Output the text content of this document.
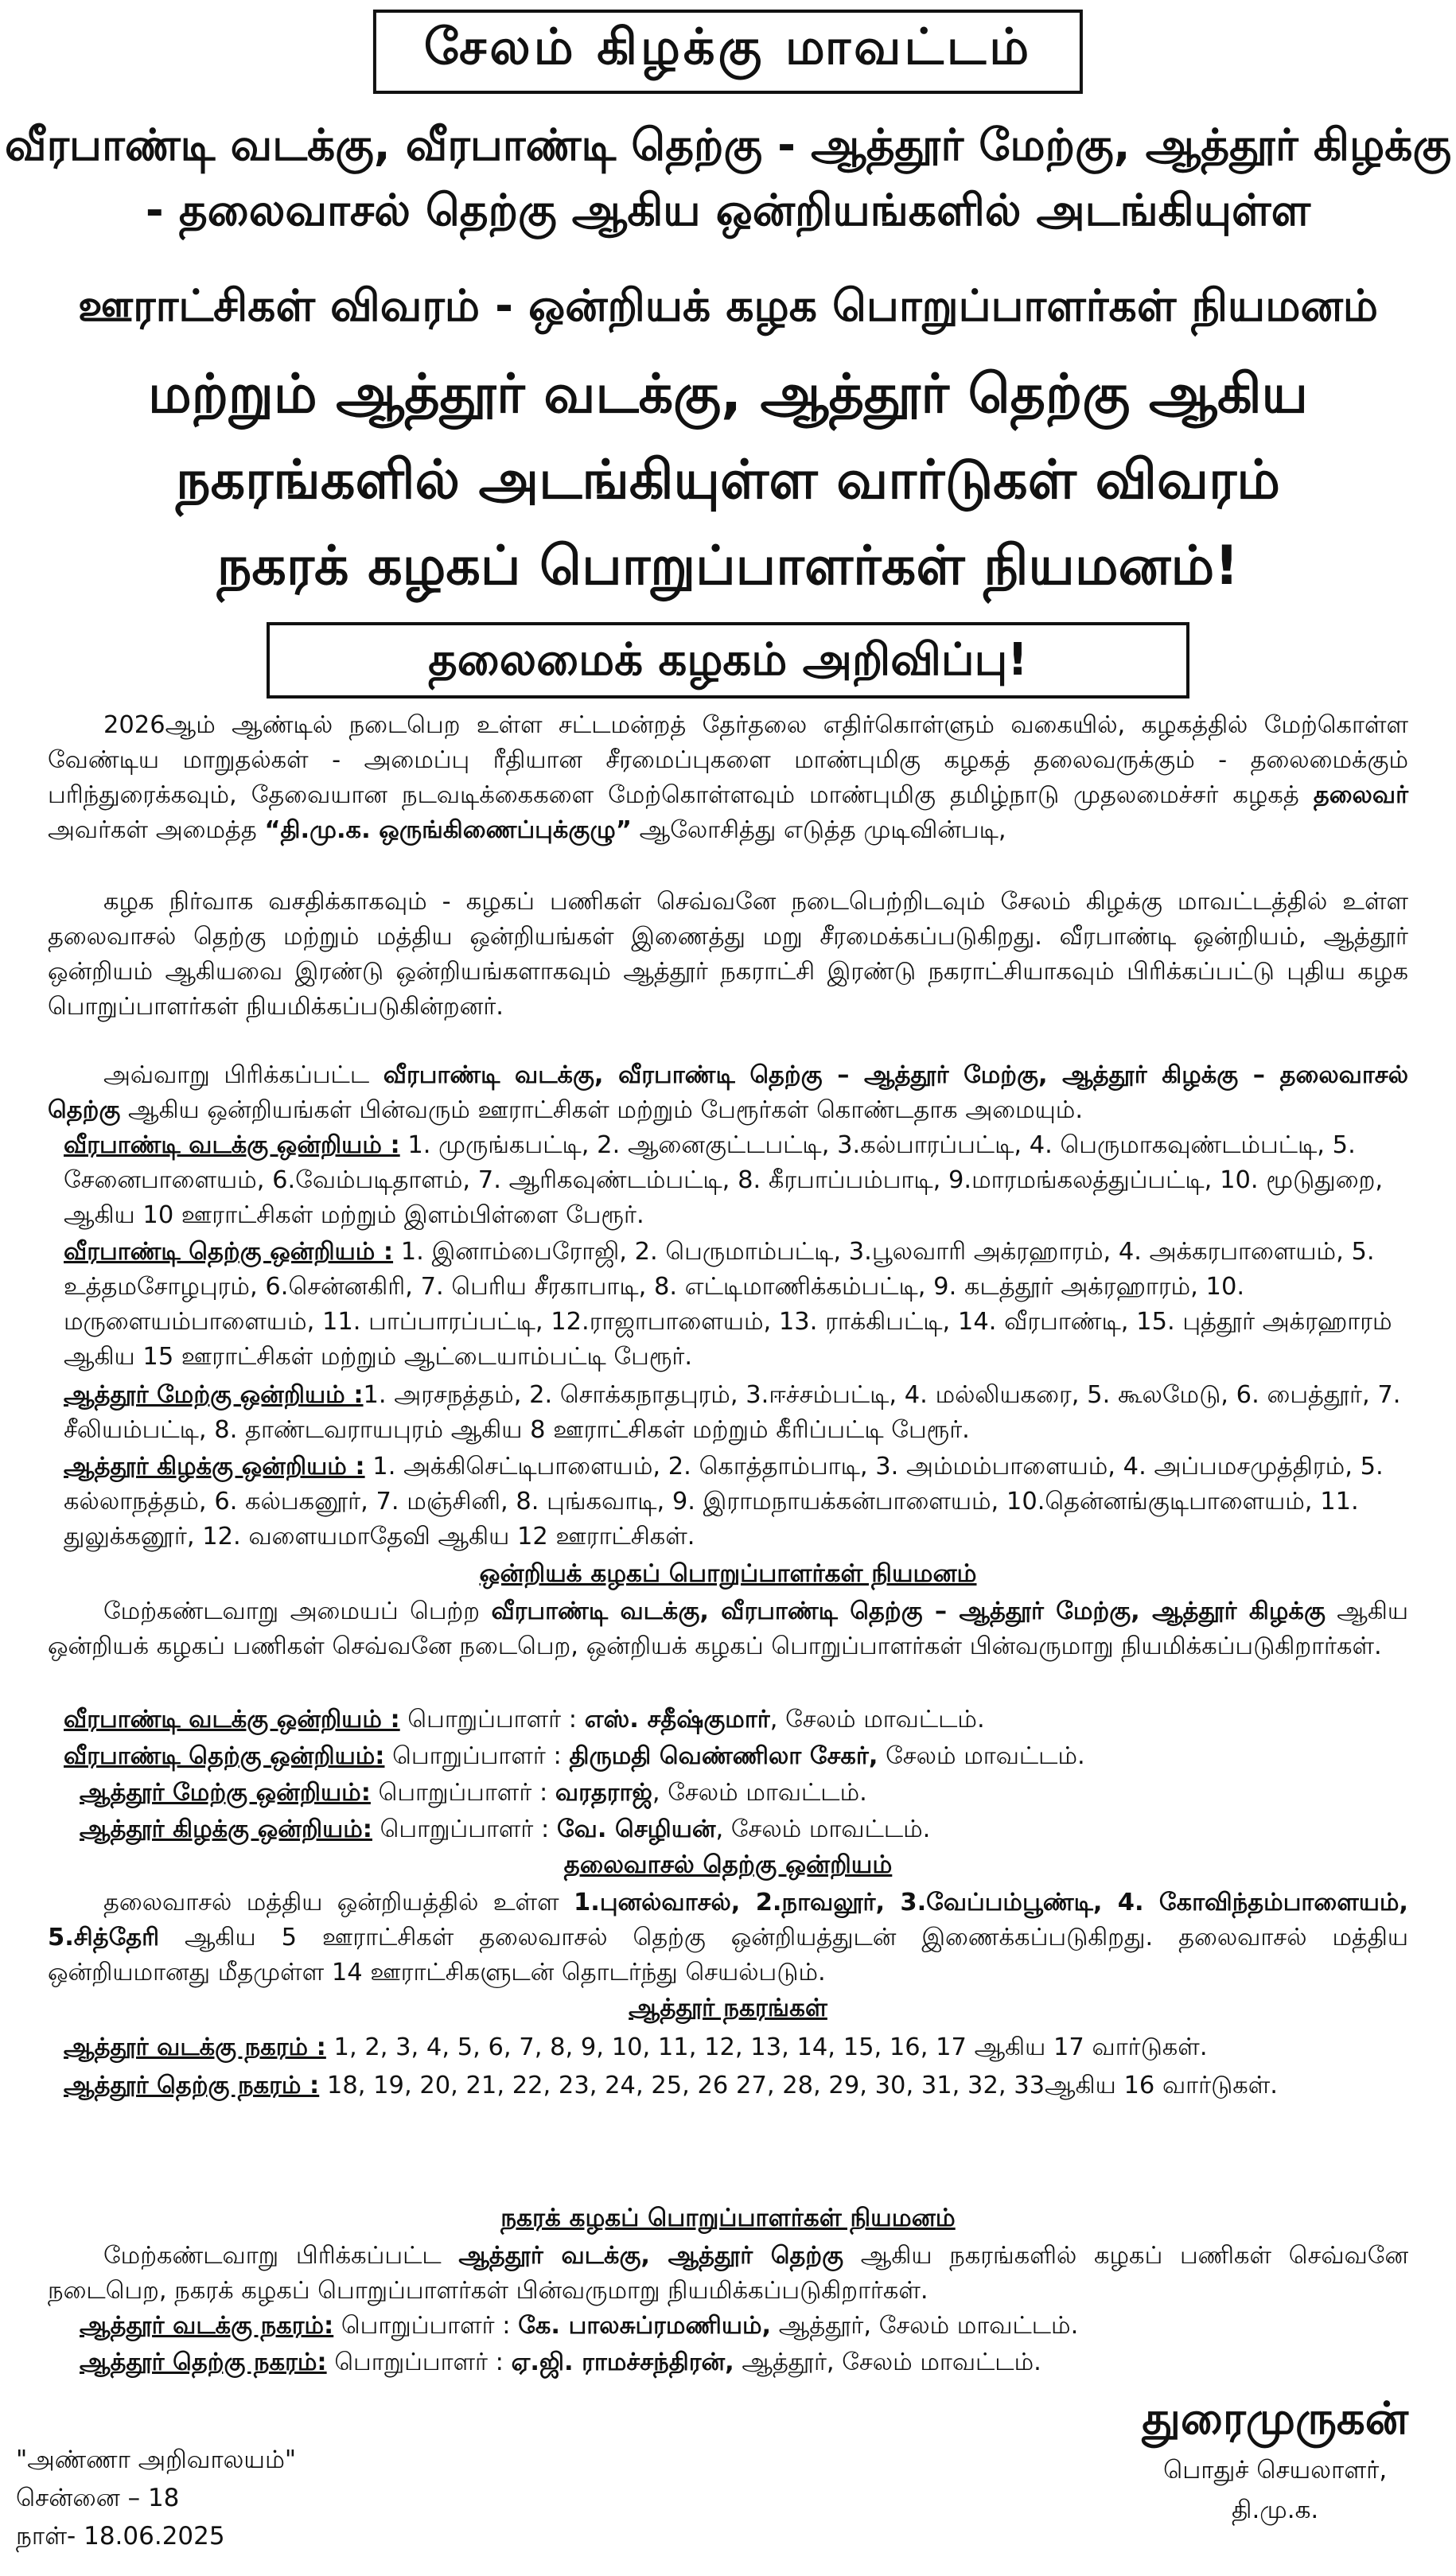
சேலம் கிழக்கு மாவட்டம்
வீரபாண்டி வடக்கு, வீரபாண்டி தெற்கு - ஆத்தூர் மேற்கு, ஆத்தூர் கிழக்கு
- தலைவாசல் தெற்கு ஆகிய ஒன்றியங்களில் அடங்கியுள்ள
ஊராட்சிகள் விவரம் - ஒன்றியக் கழக பொறுப்பாளர்கள் நியமனம்
மற்றும் ஆத்தூர் வடக்கு, ஆத்தூர் தெற்கு ஆகிய
நகரங்களில் அடங்கியுள்ள வார்டுகள் விவரம்
நகரக் கழகப் பொறுப்பாளர்கள் நியமனம்!
தலைமைக் கழகம் அறிவிப்பு!
2026ஆம் ஆண்டில் நடைபெற உள்ள சட்டமன்றத் தேர்தலை எதிர்கொள்ளும் வகையில், கழகத்தில் மேற்கொள்ள வேண்டிய மாறுதல்கள் - அமைப்பு ரீதியான சீரமைப்புகளை மாண்புமிகு கழகத் தலைவருக்கும் - தலைமைக்கும் பரிந்துரைக்கவும், தேவையான நடவடிக்கைகளை மேற்கொள்ளவும் மாண்புமிகு தமிழ்நாடு முதலமைச்சர் கழகத் தலைவர் அவர்கள் அமைத்த “தி.மு.க. ஒருங்கிணைப்புக்குழு” ஆலோசித்து எடுத்த முடிவின்படி,
கழக நிர்வாக வசதிக்காகவும் - கழகப் பணிகள் செவ்வனே நடைபெற்றிடவும் சேலம் கிழக்கு மாவட்டத்தில் உள்ள தலைவாசல் தெற்கு மற்றும் மத்திய ஒன்றியங்கள் இணைத்து மறு சீரமைக்கப்படுகிறது. வீரபாண்டி ஒன்றியம், ஆத்தூர் ஒன்றியம் ஆகியவை இரண்டு ஒன்றியங்களாகவும் ஆத்தூர் நகராட்சி இரண்டு நகராட்சியாகவும் பிரிக்கப்பட்டு புதிய கழக பொறுப்பாளர்கள் நியமிக்கப்படுகின்றனர்.
அவ்வாறு பிரிக்கப்பட்ட வீரபாண்டி வடக்கு, வீரபாண்டி தெற்கு – ஆத்தூர் மேற்கு, ஆத்தூர் கிழக்கு – தலைவாசல் தெற்கு ஆகிய ஒன்றியங்கள் பின்வரும் ஊராட்சிகள் மற்றும் பேரூர்கள் கொண்டதாக அமையும்.
வீரபாண்டி வடக்கு ஒன்றியம் : 1. முருங்கபட்டி, 2. ஆனைகுட்டபட்டி, 3.கல்பாரப்பட்டி, 4. பெருமாகவுண்டம்பட்டி, 5. சேனைபாளையம், 6.வேம்படிதாளம், 7. ஆரிகவுண்டம்பட்டி, 8. கீரபாப்பம்பாடி, 9.மாரமங்கலத்துப்பட்டி, 10. மூடுதுறை, ஆகிய 10 ஊராட்சிகள் மற்றும் இளம்பிள்ளை பேரூர்.
வீரபாண்டி தெற்கு ஒன்றியம் : 1. இனாம்பைரோஜி, 2. பெருமாம்பட்டி, 3.பூலவாரி அக்ரஹாரம், 4. அக்கரபாளையம், 5. உத்தமசோழபுரம், 6.சென்னகிரி, 7. பெரிய சீரகாபாடி, 8. எட்டிமாணிக்கம்பட்டி, 9. கடத்தூர் அக்ரஹாரம், 10. மருளையம்பாளையம், 11. பாப்பாரப்பட்டி, 12.ராஜாபாளையம், 13. ராக்கிபட்டி, 14. வீரபாண்டி, 15. புத்தூர் அக்ரஹாரம் ஆகிய 15 ஊராட்சிகள் மற்றும் ஆட்டையாம்பட்டி பேரூர்.
ஆத்தூர் மேற்கு ஒன்றியம் :1. அரசநத்தம், 2. சொக்கநாதபுரம், 3.ஈச்சம்பட்டி, 4. மல்லியகரை, 5. கூலமேடு, 6. பைத்தூர், 7. சீலியம்பட்டி, 8. தாண்டவராயபுரம் ஆகிய 8 ஊராட்சிகள் மற்றும் கீரிப்பட்டி பேரூர்.
ஆத்தூர் கிழக்கு ஒன்றியம் : 1. அக்கிசெட்டிபாளையம், 2. கொத்தாம்பாடி, 3. அம்மம்பாளையம், 4. அப்பமசமுத்திரம், 5. கல்லாநத்தம், 6. கல்பகனூர், 7. மஞ்சினி, 8. புங்கவாடி, 9. இராமநாயக்கன்பாளையம், 10.தென்னங்குடிபாளையம், 11. துலுக்கனூர், 12. வளையமாதேவி ஆகிய 12 ஊராட்சிகள்.
ஒன்றியக் கழகப் பொறுப்பாளர்கள் நியமனம்
மேற்கண்டவாறு அமையப் பெற்ற வீரபாண்டி வடக்கு, வீரபாண்டி தெற்கு – ஆத்தூர் மேற்கு, ஆத்தூர் கிழக்கு ஆகிய ஒன்றியக் கழகப் பணிகள் செவ்வனே நடைபெற, ஒன்றியக் கழகப் பொறுப்பாளர்கள் பின்வருமாறு நியமிக்கப்படுகிறார்கள்.
வீரபாண்டி வடக்கு ஒன்றியம் : பொறுப்பாளர் : எஸ். சதீஷ்குமார், சேலம் மாவட்டம்.
வீரபாண்டி தெற்கு ஒன்றியம்: பொறுப்பாளர் : திருமதி வெண்ணிலா சேகர், சேலம் மாவட்டம்.
ஆத்தூர் மேற்கு ஒன்றியம்: பொறுப்பாளர் : வரதராஜ், சேலம் மாவட்டம்.
ஆத்தூர் கிழக்கு ஒன்றியம்: பொறுப்பாளர் : வே. செழியன், சேலம் மாவட்டம்.
தலைவாசல் தெற்கு ஒன்றியம்
தலைவாசல் மத்திய ஒன்றியத்தில் உள்ள 1.புனல்வாசல், 2.நாவலூர், 3.வேப்பம்பூண்டி, 4. கோவிந்தம்பாளையம், 5.சித்தேரி ஆகிய 5 ஊராட்சிகள் தலைவாசல் தெற்கு ஒன்றியத்துடன் இணைக்கப்படுகிறது. தலைவாசல் மத்திய ஒன்றியமானது மீதமுள்ள 14 ஊராட்சிகளுடன் தொடர்ந்து செயல்படும்.
ஆத்தூர் நகரங்கள்
ஆத்தூர் வடக்கு நகரம் : 1, 2, 3, 4, 5, 6, 7, 8, 9, 10, 11, 12, 13, 14, 15, 16, 17 ஆகிய 17 வார்டுகள்.
ஆத்தூர் தெற்கு நகரம் : 18, 19, 20, 21, 22, 23, 24, 25, 26 27, 28, 29, 30, 31, 32, 33ஆகிய 16 வார்டுகள்.
நகரக் கழகப் பொறுப்பாளர்கள் நியமனம்
மேற்கண்டவாறு பிரிக்கப்பட்ட ஆத்தூர் வடக்கு, ஆத்தூர் தெற்கு ஆகிய நகரங்களில் கழகப் பணிகள் செவ்வனே நடைபெற, நகரக் கழகப் பொறுப்பாளர்கள் பின்வருமாறு நியமிக்கப்படுகிறார்கள்.
ஆத்தூர் வடக்கு நகரம்: பொறுப்பாளர் : கே. பாலசுப்ரமணியம், ஆத்தூர், சேலம் மாவட்டம்.
ஆத்தூர் தெற்கு நகரம்: பொறுப்பாளர் : ஏ.ஜி. ராமச்சந்திரன், ஆத்தூர், சேலம் மாவட்டம்.
"அண்ணா அறிவாலயம்"
சென்னை – 18
நாள்- 18.06.2025
துரைமுருகன்
பொதுச் செயலாளர்,
தி.மு.க.
